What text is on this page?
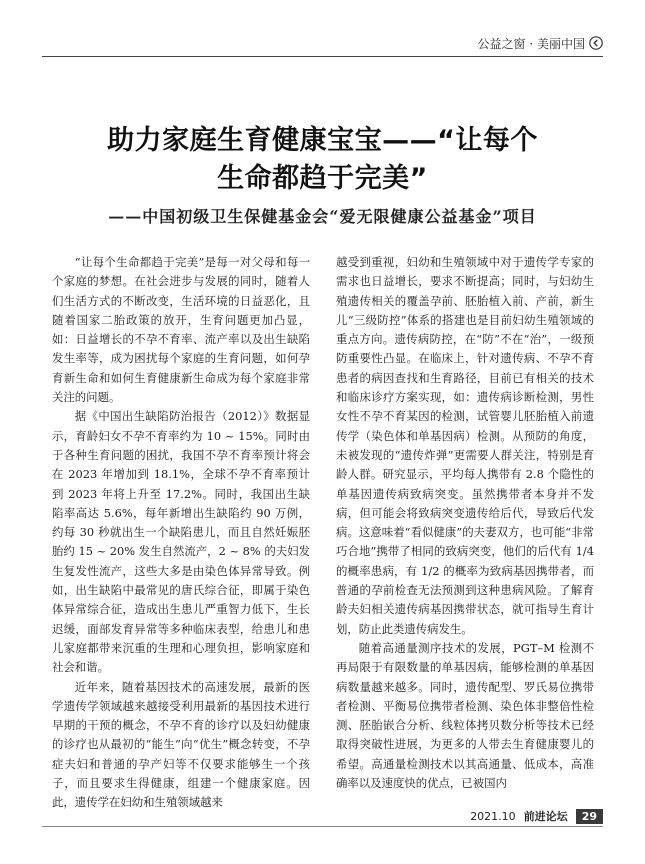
公益之窗 · 美丽中国
助力家庭生育健康宝宝——“让每个
生命都趋于完美”
——中国初级卫生保健基金会“爱无限健康公益基金”项目

“让每个生命都趋于完美”是每一对父母和每一个家庭的梦想。在社会进步与发展的同时，随着人们生活方式的不断改变，生活环境的日益恶化，且随着国家二胎政策的放开，生育问题更加凸显，如：日益增长的不孕不育率、流产率以及出生缺陷发生率等，成为困扰每个家庭的生育问题，如何孕育新生命和如何生育健康新生命成为每个家庭非常关注的问题。

据《中国出生缺陷防治报告（2012）》数据显示，育龄妇女不孕不育率约为 10 ~ 15%。同时由于各种生育问题的困扰，我国不孕不育率预计将会在 2023 年增加到 18.1%，全球不孕不育率预计到 2023 年将上升至 17.2%。同时，我国出生缺陷率高达 5.6%，每年新增出生缺陷约 90 万例，约每 30 秒就出生一个缺陷患儿，而且自然妊娠胚胎约 15 ~ 20% 发生自然流产，2 ~ 8% 的夫妇发生复发性流产，这些大多是由染色体异常导致。例如，出生缺陷中最常见的唐氏综合征，即属于染色体异常综合征，造成出生患儿严重智力低下，生长迟缓，面部发育异常等多种临床表型，给患儿和患儿家庭都带来沉重的生理和心理负担，影响家庭和社会和谐。

近年来，随着基因技术的高速发展，最新的医学遗传学领域越来越接受利用最新的基因技术进行早期的干预的概念，不孕不育的诊疗以及妇幼健康的诊疗也从最初的“能生”向“优生”概念转变，不孕症夫妇和普通的孕产妇等不仅要求能够生一个孩子，而且要求生得健康，组建一个健康家庭。因此，遗传学在妇幼和生殖领域越来

越受到重视，妇幼和生殖领域中对于遗传学专家的需求也日益增长，要求不断提高；同时，与妇幼生殖遗传相关的覆盖孕前、胚胎植入前、产前，新生儿“三级防控”体系的搭建也是目前妇幼生殖领域的重点方向。遗传病防控，在“防”不在“治”，一级预防重要性凸显。在临床上，针对遗传病、不孕不育患者的病因查找和生育路径，目前已有相关的技术和临床诊疗方案实现，如：遗传病诊断检测，男性女性不孕不育某因的检测，试管婴儿胚胎植入前遗传学（染色体和单基因病）检测。从预防的角度，未被发现的“遗传炸弹”更需要人群关注，特别是育龄人群。研究显示，平均每人携带有 2.8 个隐性的单基因遗传病致病突变。虽然携带者本身并不发病，但可能会将致病突变遗传给后代，导致后代发病。这意味着“看似健康”的夫妻双方，也可能“非常巧合地”携带了相同的致病突变，他们的后代有 1/4 的概率患病，有 1/2 的概率为致病基因携带者，而普通的孕前检查无法预测到这种患病风险。了解育龄夫妇相关遗传病基因携带状态，就可指导生育计划，防止此类遗传病发生。

随着高通量测序技术的发展，PGT–M 检测不再局限于有限数量的单基因病，能够检测的单基因病数量越来越多。同时，遗传配型、罗氏易位携带者检测、平衡易位携带者检测、染色体非整倍性检测、胚胎嵌合分析、线粒体拷贝数分析等技术已经取得突破性进展，为更多的人带去生育健康婴儿的希望。高通量检测技术以其高通量、低成本，高准确率以及速度快的优点，已被国内

2021.10 前进论坛	29
